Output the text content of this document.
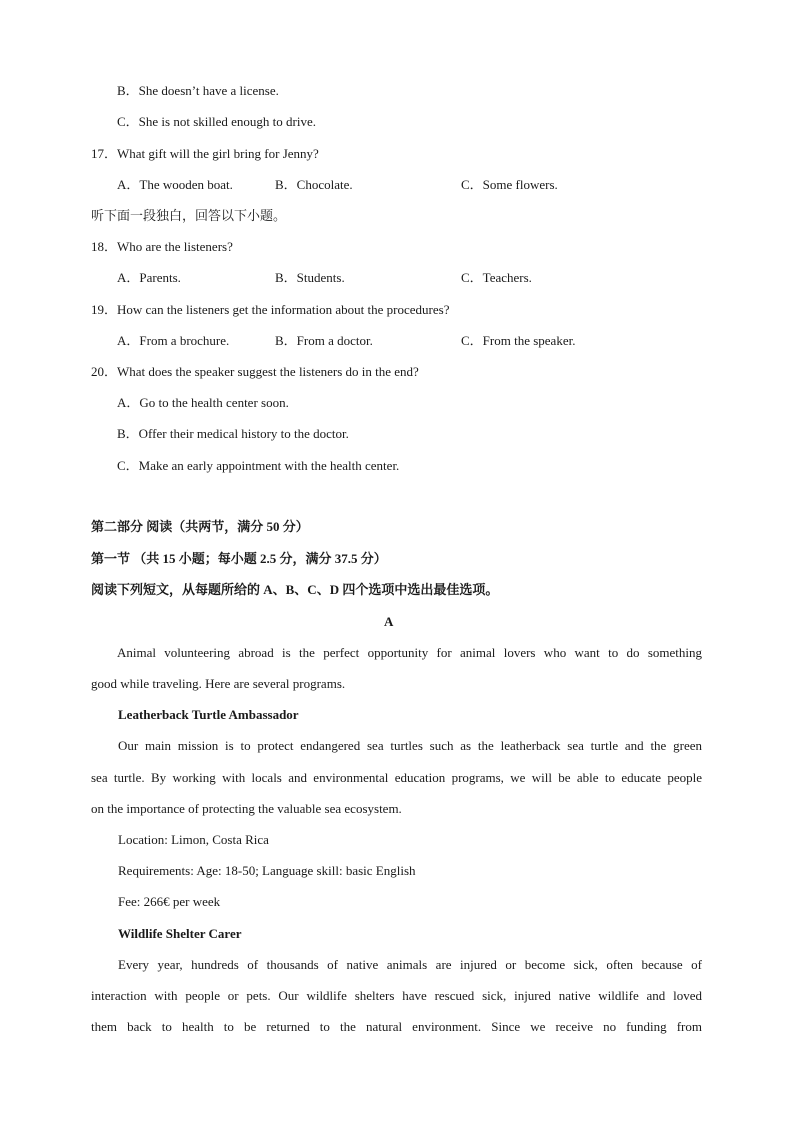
B．She doesn’t have a license.
C．She is not skilled enough to drive.
17．What gift will the girl bring for Jenny?
A．The wooden boat.	B．Chocolate.	C．Some flowers.
听下面一段独白，回答以下小题。
18．Who are the listeners?
A．Parents.	B．Students.	C．Teachers.
19．How can the listeners get the information about the procedures?
A．From a brochure.	B．From a doctor.	C．From the speaker.
20．What does the speaker suggest the listeners do in the end?
A．Go to the health center soon.
B．Offer their medical history to the doctor.
C．Make an early appointment with the health center.
第二部分 阅读（共两节，满分 50 分）
第一节 （共 15 小题；每小题 2.5 分，满分 37.5 分）
阅读下列短文，从每题所给的 A、B、C、D 四个选项中选出最佳选项。
A
Animal volunteering abroad is the perfect opportunity for animal lovers who want to do something
good while traveling. Here are several programs.
Leatherback Turtle Ambassador
Our main mission is to protect endangered sea turtles such as the leatherback sea turtle and the green
sea turtle. By working with locals and environmental education programs, we will be able to educate people
on the importance of protecting the valuable sea ecosystem.
Location: Limon, Costa Rica
Requirements: Age: 18-50; Language skill: basic English
Fee: 266€ per week
Wildlife Shelter Carer
Every year, hundreds of thousands of native animals are injured or become sick, often because of
interaction with people or pets. Our wildlife shelters have rescued sick, injured native wildlife and loved
them back to health to be returned to the natural environment. Since we receive no funding from
